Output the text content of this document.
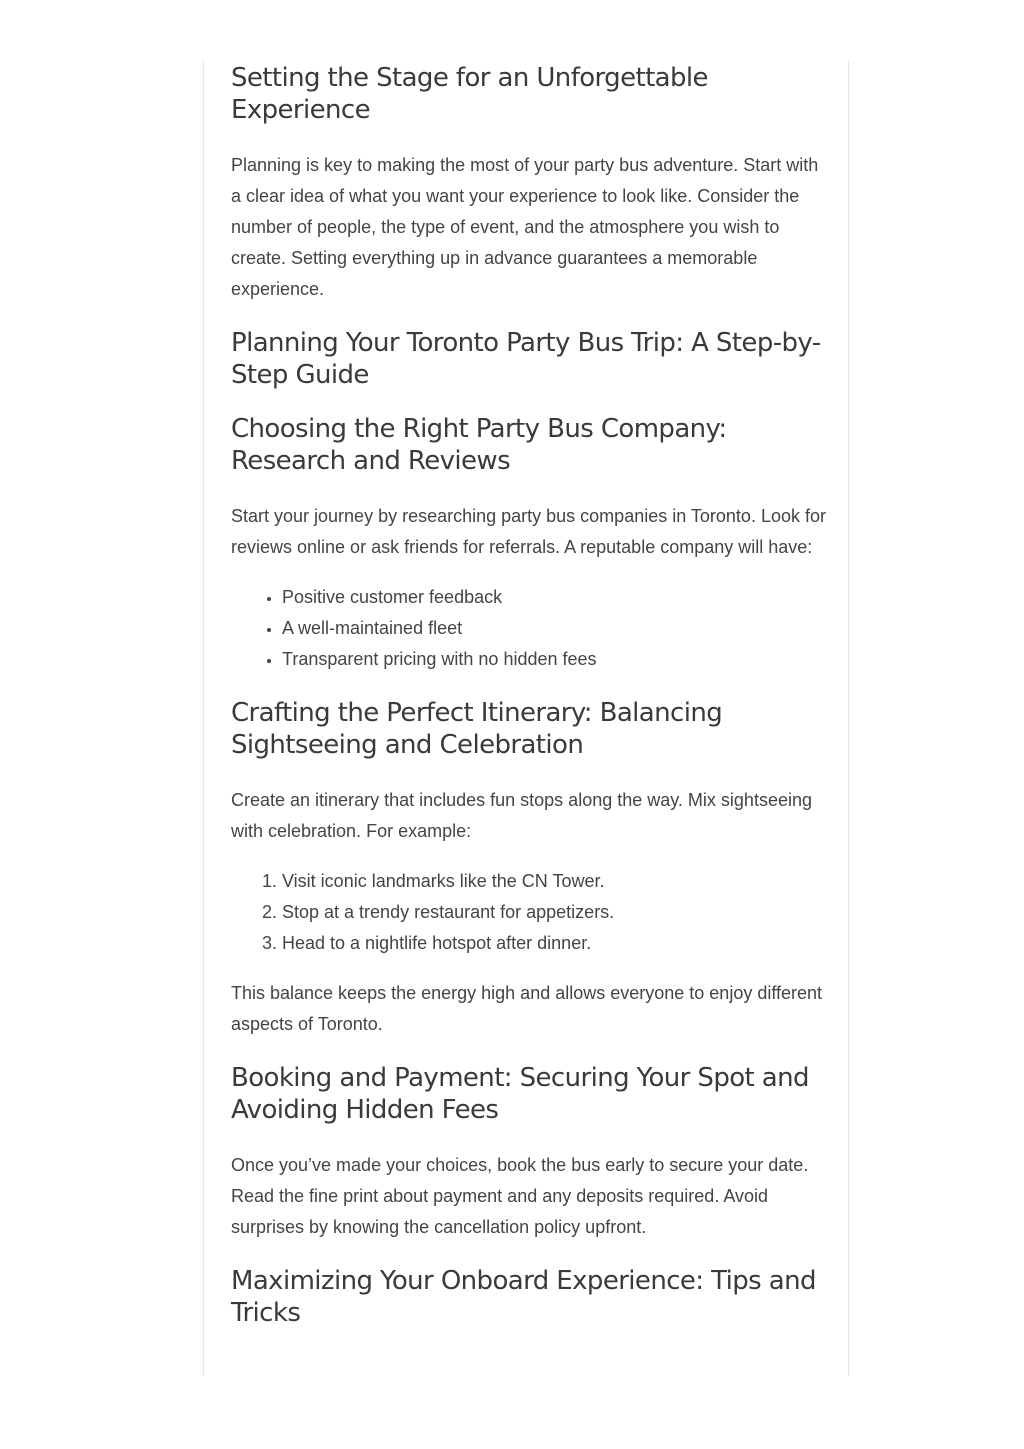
Setting the Stage for an Unforgettable Experience

Planning is key to making the most of your party bus adventure. Start with a clear idea of what you want your experience to look like. Consider the number of people, the type of event, and the atmosphere you wish to create. Setting everything up in advance guarantees a memorable experience.

Planning Your Toronto Party Bus Trip: A Step-by-Step Guide
Choosing the Right Party Bus Company: Research and Reviews

Start your journey by researching party bus companies in Toronto. Look for reviews online or ask friends for referrals. A reputable company will have:

• Positive customer feedback
• A well-maintained fleet
• Transparent pricing with no hidden fees
Crafting the Perfect Itinerary: Balancing Sightseeing and Celebration

Create an itinerary that includes fun stops along the way. Mix sightseeing with celebration. For example:

1. Visit iconic landmarks like the CN Tower.
2. Stop at a trendy restaurant for appetizers.
3. Head to a nightlife hotspot after dinner.

This balance keeps the energy high and allows everyone to enjoy different aspects of Toronto.

Booking and Payment: Securing Your Spot and Avoiding Hidden Fees

Once you’ve made your choices, book the bus early to secure your date. Read the fine print about payment and any deposits required. Avoid surprises by knowing the cancellation policy upfront.

Maximizing Your Onboard Experience: Tips and Tricks
